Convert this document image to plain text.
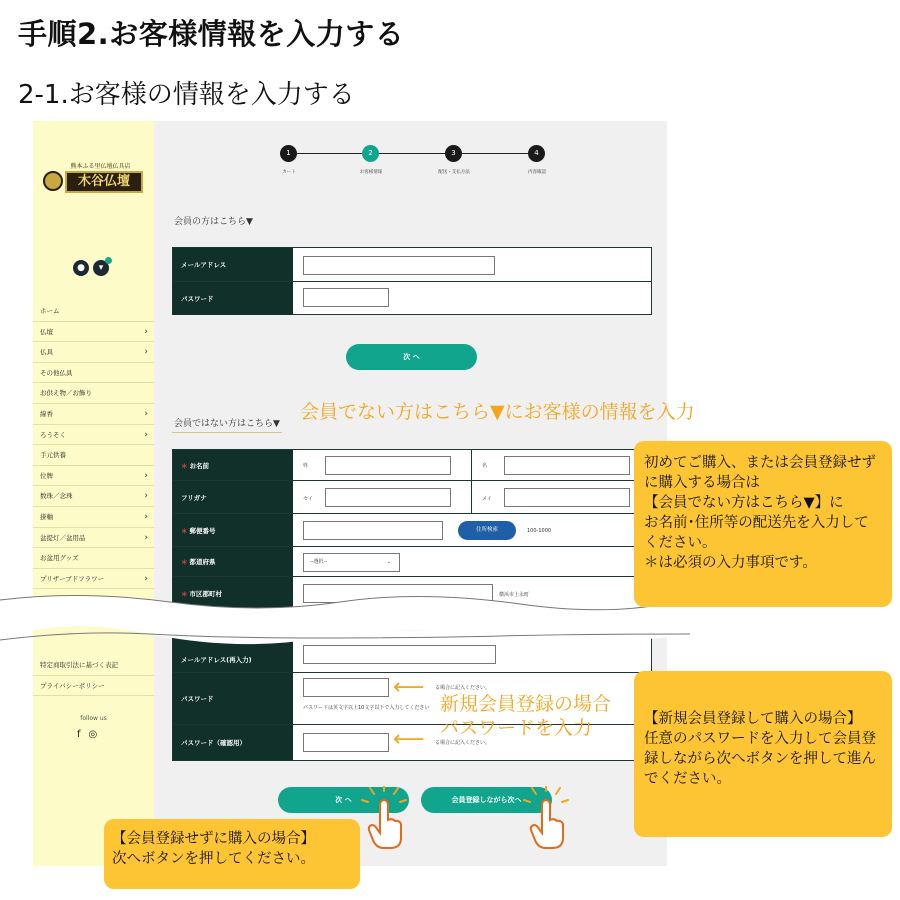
手順2.お客様情報を入力する
2-1.お客様の情報を入力する
熊本ふる里仏壇仏具店
木谷仏壇
●	▾
ホーム
仏壇	›
仏具	›
その他仏具
お供え物／お飾り
線香	›
ろうそく	›
手元供養
位牌	›
数珠／念珠	›
掛軸	›
盆提灯／盆用品	›
お盆用グッズ
プリザーブドフラワー	›
特定商取引法に基づく表記
プライバシーポリシー
follow us
f ◎
1	2	3	4
カート	お客様情報	配送・支払方法	内容確認
会員の方はこちら▼
メールアドレス
パスワード
次 へ
会員ではない方はこちら▼
＊ お名前	姓	名
フリガナ	セイ	メイ
＊ 郵便番号	住所検索	100-1000
＊ 都道府県	--選択--	⌄
＊ 市区郡町村	横浜市上永町
メールアドレス(再入力)
パスワード
る場合に記入ください。
パスワードは英文字以上10文字以下で入力してください
パスワード（確認用）	る場合に記入ください。
次 へ	会員登録しながら次へ
会員でない方はこちら▼にお客様の情報を入力
⟵
⟵
新規会員登録の場合
パスワードを入力
初めてご購入、または会員登録せず
に購入する場合は
【会員でない方はこちら▼】に
お名前･住所等の配送先を入力して
ください。
＊は必須の入力事項です。
【新規会員登録して購入の場合】
任意のパスワードを入力して会員登
録しながら次へボタンを押して進ん
でください。
【会員登録せずに購入の場合】
次へボタンを押してください。
